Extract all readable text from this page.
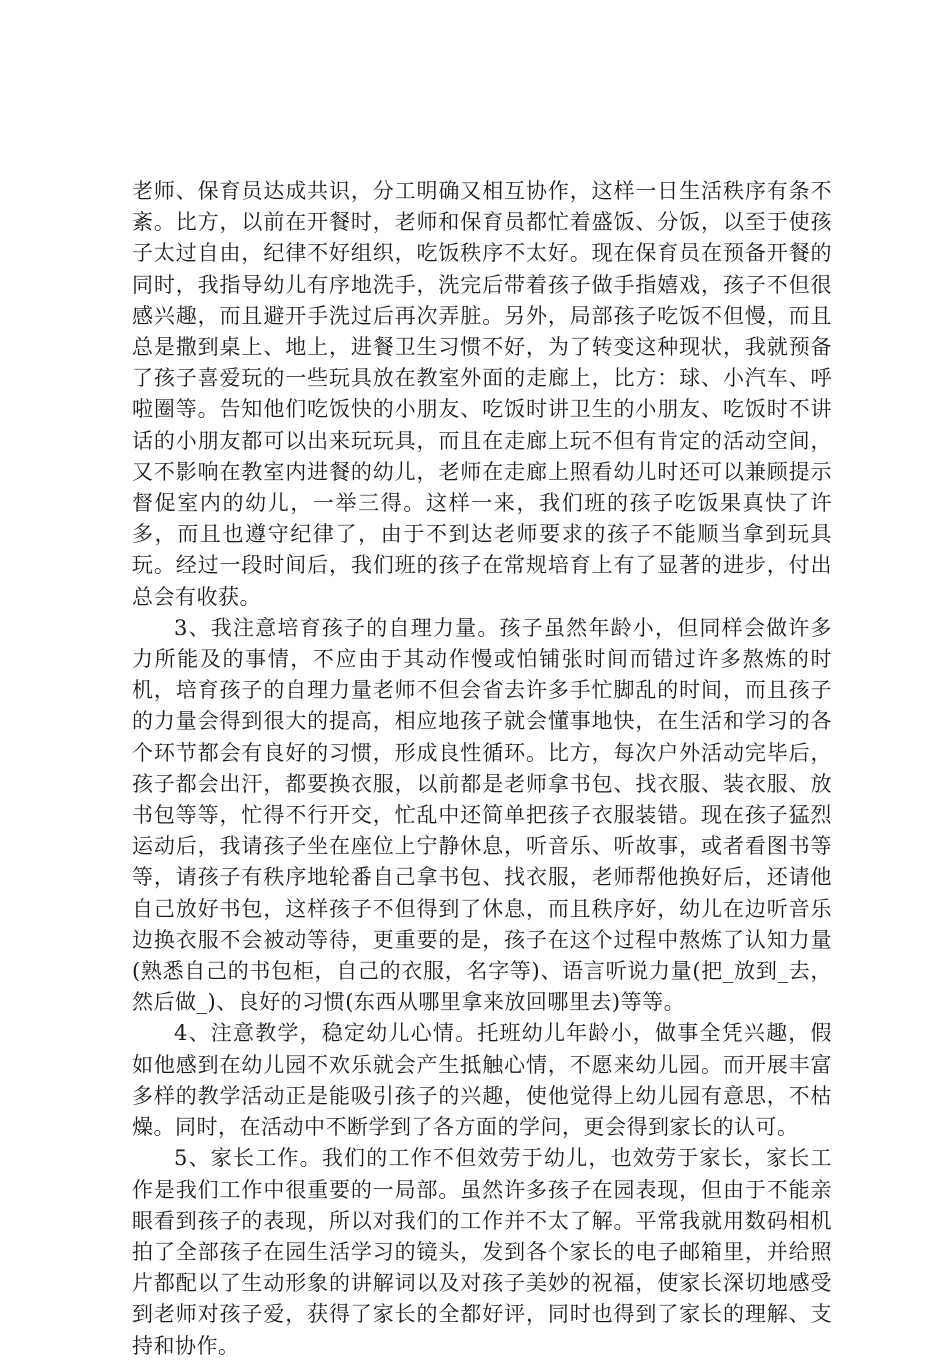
老师、保育员达成共识，分工明确又相互协作，这样一日生活秩序有条不紊。比方，以前在开餐时，老师和保育员都忙着盛饭、分饭，以至于使孩子太过自由，纪律不好组织，吃饭秩序不太好。现在保育员在预备开餐的同时，我指导幼儿有序地洗手，洗完后带着孩子做手指嬉戏，孩子不但很感兴趣，而且避开手洗过后再次弄脏。另外，局部孩子吃饭不但慢，而且总是撒到桌上、地上，进餐卫生习惯不好，为了转变这种现状，我就预备了孩子喜爱玩的一些玩具放在教室外面的走廊上，比方：球、小汽车、呼啦圈等。告知他们吃饭快的小朋友、吃饭时讲卫生的小朋友、吃饭时不讲话的小朋友都可以出来玩玩具，而且在走廊上玩不但有肯定的活动空间，又不影响在教室内进餐的幼儿，老师在走廊上照看幼儿时还可以兼顾提示督促室内的幼儿，一举三得。这样一来，我们班的孩子吃饭果真快了许多，而且也遵守纪律了，由于不到达老师要求的孩子不能顺当拿到玩具玩。经过一段时间后，我们班的孩子在常规培育上有了显著的进步，付出总会有收获。

3、我注意培育孩子的自理力量。孩子虽然年龄小，但同样会做许多力所能及的事情，不应由于其动作慢或怕铺张时间而错过许多熬炼的时机，培育孩子的自理力量老师不但会省去许多手忙脚乱的时间，而且孩子的力量会得到很大的提高，相应地孩子就会懂事地快，在生活和学习的各个环节都会有良好的习惯，形成良性循环。比方，每次户外活动完毕后，孩子都会出汗，都要换衣服，以前都是老师拿书包、找衣服、装衣服、放书包等等，忙得不行开交，忙乱中还简单把孩子衣服装错。现在孩子猛烈运动后，我请孩子坐在座位上宁静休息，听音乐、听故事，或者看图书等等，请孩子有秩序地轮番自己拿书包、找衣服，老师帮他换好后，还请他自己放好书包，这样孩子不但得到了休息，而且秩序好，幼儿在边听音乐边换衣服不会被动等待，更重要的是，孩子在这个过程中熬炼了认知力量(熟悉自己的书包柜，自己的衣服，名字等)、语言听说力量(把_放到_去，然后做_)、良好的习惯(东西从哪里拿来放回哪里去)等等。

4、注意教学，稳定幼儿心情。托班幼儿年龄小，做事全凭兴趣，假如他感到在幼儿园不欢乐就会产生抵触心情，不愿来幼儿园。而开展丰富多样的教学活动正是能吸引孩子的兴趣，使他觉得上幼儿园有意思，不枯燥。同时，在活动中不断学到了各方面的学问，更会得到家长的认可。

5、家长工作。我们的工作不但效劳于幼儿，也效劳于家长，家长工作是我们工作中很重要的一局部。虽然许多孩子在园表现，但由于不能亲眼看到孩子的表现，所以对我们的工作并不太了解。平常我就用数码相机拍了全部孩子在园生活学习的镜头，发到各个家长的电子邮箱里，并给照片都配以了生动形象的讲解词以及对孩子美妙的祝福，使家长深切地感受到老师对孩子爱，获得了家长的全都好评，同时也得到了家长的理解、支持和协作。
